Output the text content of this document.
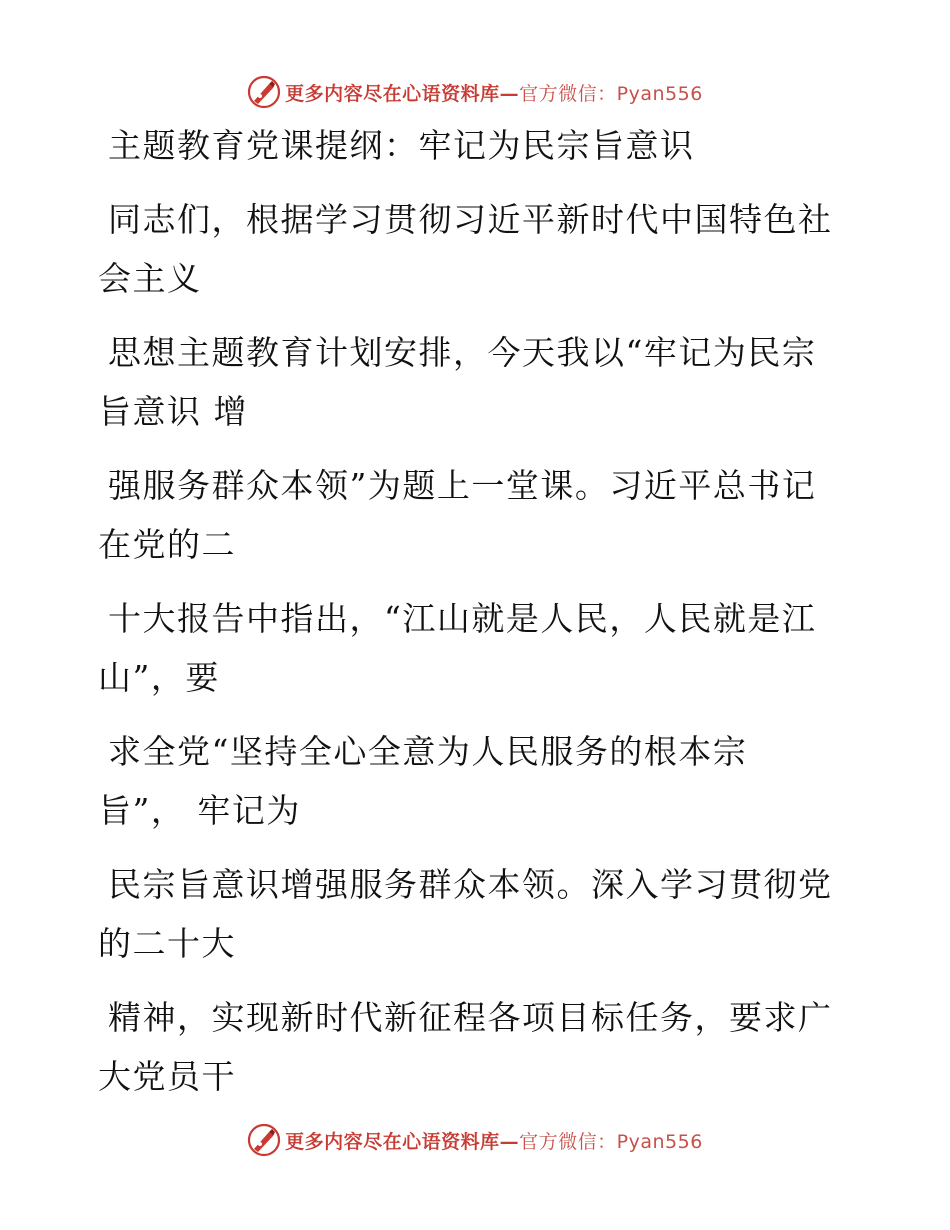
更多内容尽在心语资料库—官方微信：Pyan556
主题教育党课提纲：牢记为民宗旨意识
同志们，根据学习贯彻习近平新时代中国特色社
会主义
思想主题教育计划安排，今天我以“牢记为民宗
旨意识 增
强服务群众本领”为题上一堂课。习近平总书记
在党的二
十大报告中指出，“江山就是人民，人民就是江
山”，要
求全党“坚持全心全意为人民服务的根本宗
旨”， 牢记为
民宗旨意识增强服务群众本领。深入学习贯彻党
的二十大
精神，实现新时代新征程各项目标任务，要求广
大党员干
更多内容尽在心语资料库—官方微信：Pyan556
